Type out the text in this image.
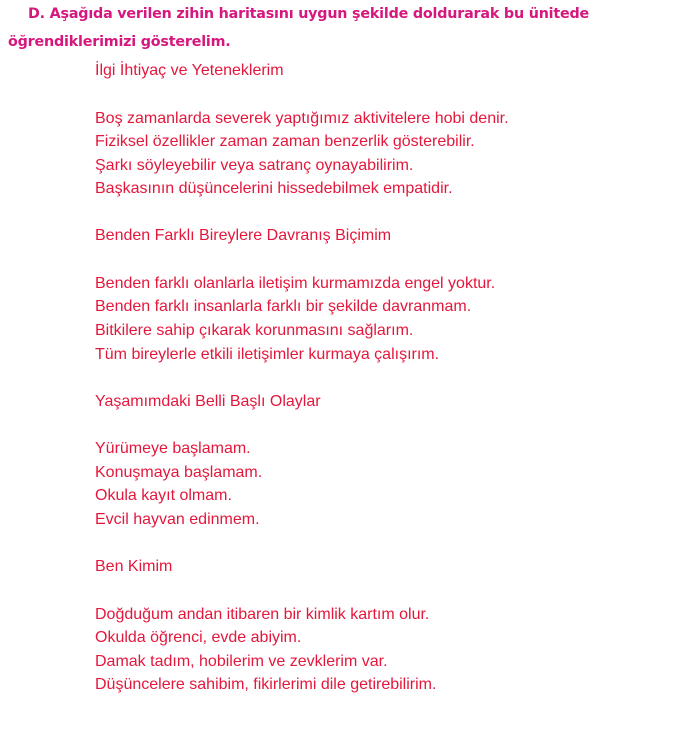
D. Aşağıda verilen zihin haritasını uygun şekilde doldurarak bu ünitede öğrendiklerimizi gösterelim.

İlgi İhtiyaç ve Yeteneklerim

Boş zamanlarda severek yaptığımız aktivitelere hobi denir.
Fiziksel özellikler zaman zaman benzerlik gösterebilir.
Şarkı söyleyebilir veya satranç oynayabilirim.
Başkasının düşüncelerini hissedebilmek empatidir.

Benden Farklı Bireylere Davranış Biçimim

Benden farklı olanlarla iletişim kurmamızda engel yoktur.
Benden farklı insanlarla farklı bir şekilde davranmam.
Bitkilere sahip çıkarak korunmasını sağlarım.
Tüm bireylerle etkili iletişimler kurmaya çalışırım.

Yaşamımdaki Belli Başlı Olaylar

Yürümeye başlamam.
Konuşmaya başlamam.
Okula kayıt olmam.
Evcil hayvan edinmem.

Ben Kimim

Doğduğum andan itibaren bir kimlik kartım olur.
Okulda öğrenci, evde abiyim.
Damak tadım, hobilerim ve zevklerim var.
Düşüncelere sahibim, fikirlerimi dile getirebilirim.
